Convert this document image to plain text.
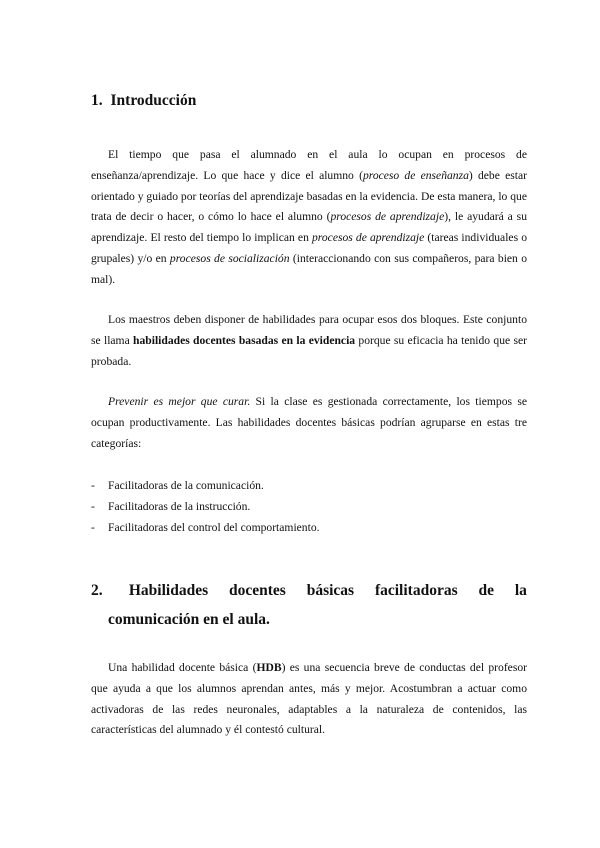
1. Introducción

El tiempo que pasa el alumnado en el aula lo ocupan en procesos de enseñanza/aprendizaje. Lo que hace y dice el alumno (proceso de enseñanza) debe estar orientado y guiado por teorías del aprendizaje basadas en la evidencia. De esta manera, lo que trata de decir o hacer, o cómo lo hace el alumno (procesos de aprendizaje), le ayudará a su aprendizaje. El resto del tiempo lo implican en procesos de aprendizaje (tareas individuales o grupales) y/o en procesos de socialización (interaccionando con sus compañeros, para bien o mal).

Los maestros deben disponer de habilidades para ocupar esos dos bloques. Este conjunto se llama habilidades docentes basadas en la evidencia porque su eficacia ha tenido que ser probada.

Prevenir es mejor que curar. Si la clase es gestionada correctamente, los tiempos se ocupan productivamente. Las habilidades docentes básicas podrían agruparse en estas tre categorías:

-	Facilitadoras de la comunicación.
-	Facilitadoras de la instrucción.
-	Facilitadoras del control del comportamiento.
2.	Habilidades docentes básicas facilitadoras de la
comunicación en el aula.

Una habilidad docente básica (HDB) es una secuencia breve de conductas del profesor que ayuda a que los alumnos aprendan antes, más y mejor. Acostumbran a actuar como activadoras de las redes neuronales, adaptables a la naturaleza de contenidos, las características del alumnado y él contestó cultural.
